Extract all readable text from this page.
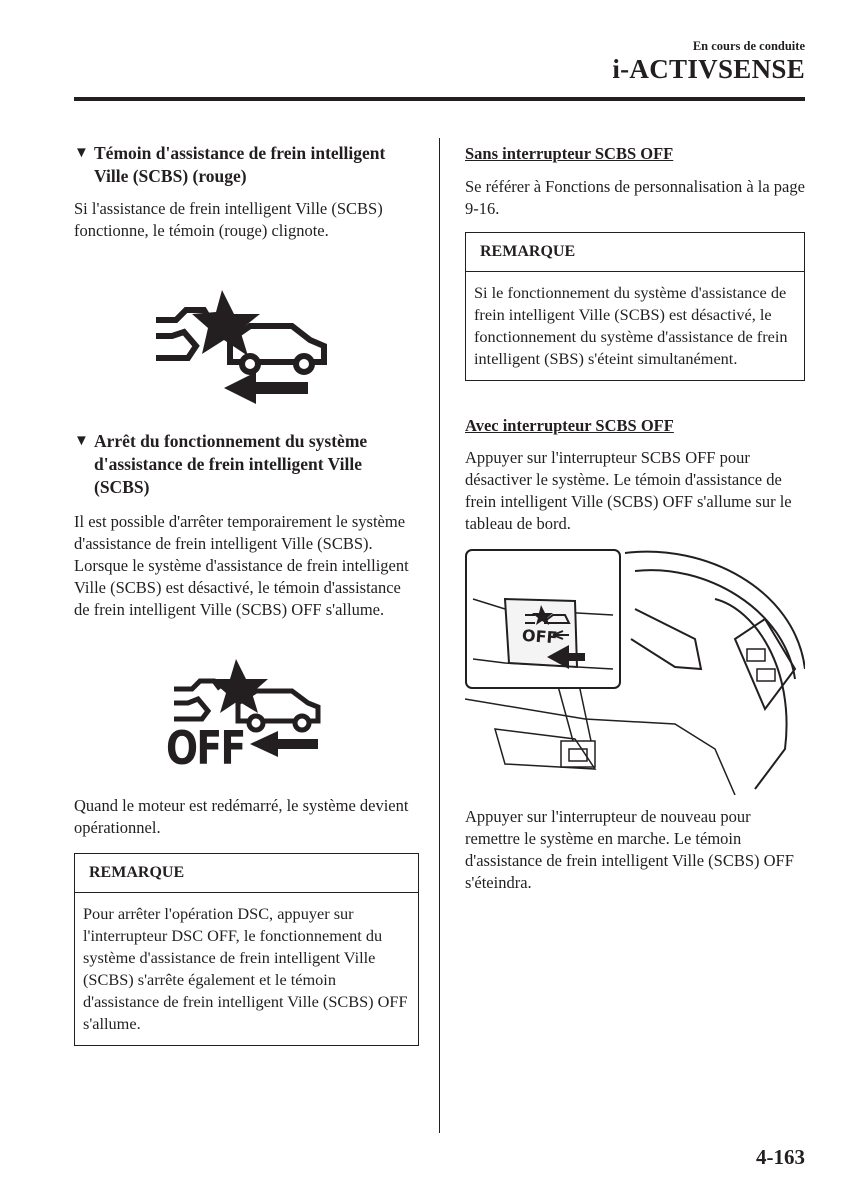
En cours de conduite
i-ACTIVSENSE
▼ Témoin d'assistance de frein intelligent Ville (SCBS) (rouge)

Si l'assistance de frein intelligent Ville (SCBS) fonctionne, le témoin (rouge) clignote.

▼ Arrêt du fonctionnement du système d'assistance de frein intelligent Ville (SCBS)

Il est possible d'arrêter temporairement le système d'assistance de frein intelligent Ville (SCBS).

Lorsque le système d'assistance de frein intelligent Ville (SCBS) est désactivé, le témoin d'assistance de frein intelligent Ville (SCBS) OFF s'allume.

OFF

Quand le moteur est redémarré, le système devient opérationnel.

REMARQUE
Pour arrêter l'opération DSC, appuyer sur l'interrupteur DSC OFF, le fonctionnement du système d'assistance de frein intelligent Ville (SCBS) s'arrête également et le témoin d'assistance de frein intelligent Ville (SCBS) OFF s'allume.
Sans interrupteur SCBS OFF

Se référer à Fonctions de personnalisation à la page 9-16.

REMARQUE
Si le fonctionnement du système d'assistance de frein intelligent Ville (SCBS) est désactivé, le fonctionnement du système d'assistance de frein intelligent (SBS) s'éteint simultanément.
Avec interrupteur SCBS OFF

Appuyer sur l'interrupteur SCBS OFF pour désactiver le système. Le témoin d'assistance de frein intelligent Ville (SCBS) OFF s'allume sur le tableau de bord.

OFF

Appuyer sur l'interrupteur de nouveau pour remettre le système en marche. Le témoin d'assistance de frein intelligent Ville (SCBS) OFF s'éteindra.

4-163
